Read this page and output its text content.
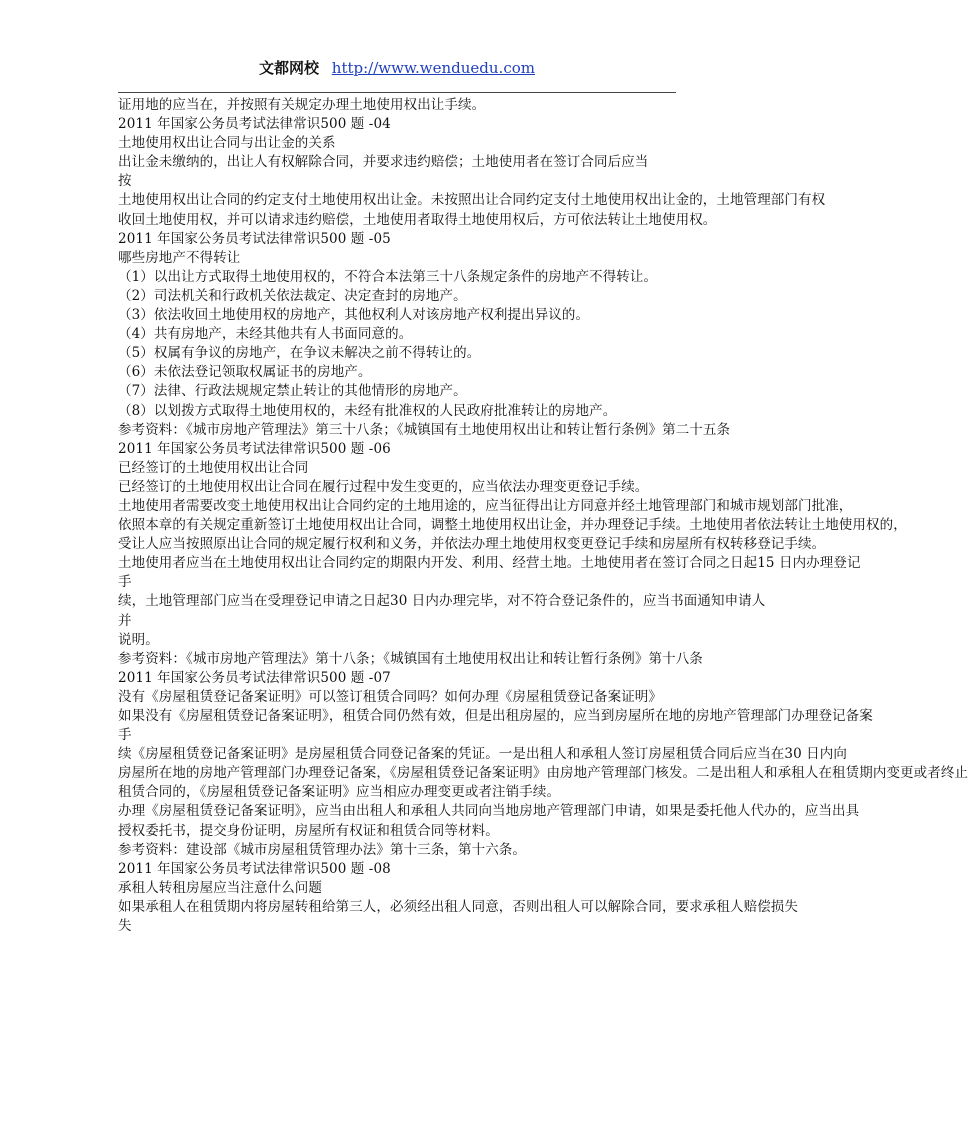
文都网校 http://www.wenduedu.com
证用地的应当在，并按照有关规定办理土地使用权出让手续。
2011 年国家公务员考试法律常识500 题 -04
土地使用权出让合同与出让金的关系
出让金未缴纳的，出让人有权解除合同，并要求违约赔偿；土地使用者在签订合同后应当
按
土地使用权出让合同的约定支付土地使用权出让金。未按照出让合同约定支付土地使用权出让金的，土地管理部门有权
收回土地使用权，并可以请求违约赔偿，土地使用者取得土地使用权后，方可依法转让土地使用权。
2011 年国家公务员考试法律常识500 题 -05
哪些房地产不得转让
（1）以出让方式取得土地使用权的，不符合本法第三十八条规定条件的房地产不得转让。
（2）司法机关和行政机关依法裁定、决定查封的房地产。
（3）依法收回土地使用权的房地产，其他权利人对该房地产权利提出异议的。
（4）共有房地产，未经其他共有人书面同意的。
（5）权属有争议的房地产，在争议未解决之前不得转让的。
（6）未依法登记领取权属证书的房地产。
（7）法律、行政法规规定禁止转让的其他情形的房地产。
（8）以划拨方式取得土地使用权的，未经有批准权的人民政府批准转让的房地产。
参考资料：《城市房地产管理法》第三十八条；《城镇国有土地使用权出让和转让暂行条例》第二十五条
2011 年国家公务员考试法律常识500 题 -06
已经签订的土地使用权出让合同
已经签订的土地使用权出让合同在履行过程中发生变更的，应当依法办理变更登记手续。
土地使用者需要改变土地使用权出让合同约定的土地用途的，应当征得出让方同意并经土地管理部门和城市规划部门批准，
依照本章的有关规定重新签订土地使用权出让合同，调整土地使用权出让金，并办理登记手续。土地使用者依法转让土地使用权的，
受让人应当按照原出让合同的规定履行权利和义务，并依法办理土地使用权变更登记手续和房屋所有权转移登记手续。
土地使用者应当在土地使用权出让合同约定的期限内开发、利用、经营土地。土地使用者在签订合同之日起15 日内办理登记
手
续，土地管理部门应当在受理登记申请之日起30 日内办理完毕，对不符合登记条件的，应当书面通知申请人
并
说明。
参考资料：《城市房地产管理法》第十八条；《城镇国有土地使用权出让和转让暂行条例》第十八条
2011 年国家公务员考试法律常识500 题 -07
没有《房屋租赁登记备案证明》可以签订租赁合同吗？如何办理《房屋租赁登记备案证明》
如果没有《房屋租赁登记备案证明》，租赁合同仍然有效，但是出租房屋的，应当到房屋所在地的房地产管理部门办理登记备案
手
续《房屋租赁登记备案证明》是房屋租赁合同登记备案的凭证。一是出租人和承租人签订房屋租赁合同后应当在30 日内向
房屋所在地的房地产管理部门办理登记备案，《房屋租赁登记备案证明》由房地产管理部门核发。二是出租人和承租人在租赁期内变更或者终止
租赁合同的，《房屋租赁登记备案证明》应当相应办理变更或者注销手续。
办理《房屋租赁登记备案证明》，应当由出租人和承租人共同向当地房地产管理部门申请，如果是委托他人代办的，应当出具
授权委托书，提交身份证明，房屋所有权证和租赁合同等材料。
参考资料：建设部《城市房屋租赁管理办法》第十三条，第十六条。
2011 年国家公务员考试法律常识500 题 -08
承租人转租房屋应当注意什么问题
如果承租人在租赁期内将房屋转租给第三人，必须经出租人同意，否则出租人可以解除合同，要求承租人赔偿损失
失
